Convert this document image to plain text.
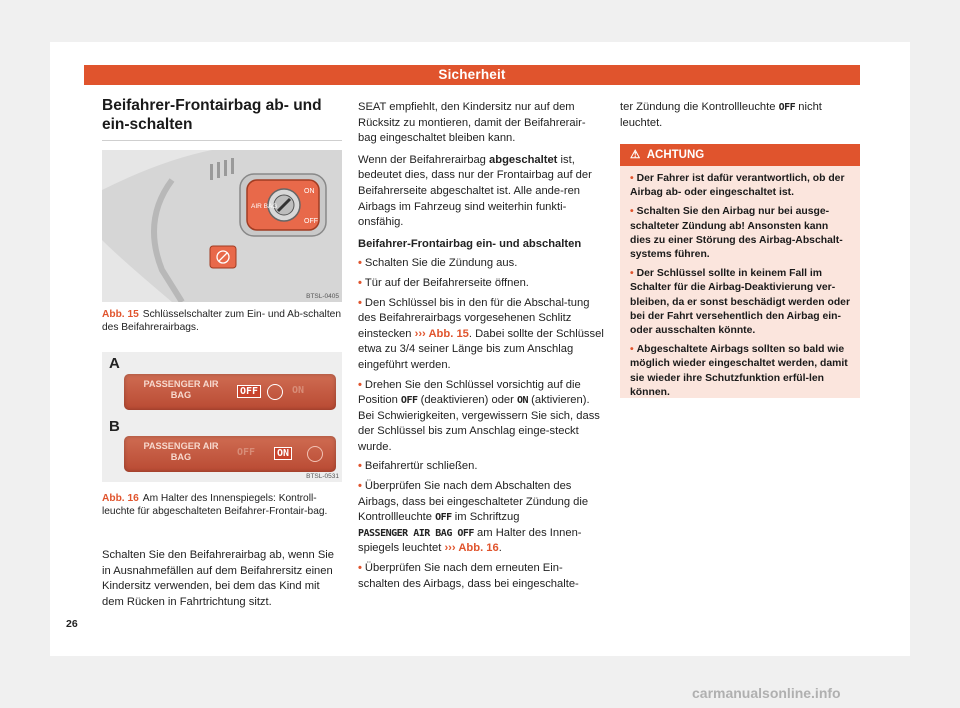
Sicherheit
Beifahrer-Frontairbag ab- und ein-schalten
ON
AIR BAG
OFF
BTSL-0405
Abb. 15 Schlüsselschalter zum Ein- und Ab-schalten des Beifahrerairbags.
A
PASSENGER AIR BAG	OFF	ON
B
PASSENGER AIR BAG	OFF	ON
BTSL-0531
Abb. 16 Am Halter des Innenspiegels: Kontroll-leuchte für abgeschalteten Beifahrer-Frontair-bag.
Schalten Sie den Beifahrerairbag ab, wenn Sie in Ausnahmefällen auf dem Beifahrersitz einen Kindersitz verwenden, bei dem das Kind mit dem Rücken in Fahrtrichtung sitzt.

SEAT empfiehlt, den Kindersitz nur auf dem Rücksitz zu montieren, damit der Beifahrerair-bag eingeschaltet bleiben kann.

Wenn der Beifahrerairbag abgeschaltet ist, bedeutet dies, dass nur der Frontairbag auf der Beifahrerseite abgeschaltet ist. Alle ande-ren Airbags im Fahrzeug sind weiterhin funkti-onsfähig.

Beifahrer-Frontairbag ein- und abschalten
• Schalten Sie die Zündung aus.
• Tür auf der Beifahrerseite öffnen.
• Den Schlüssel bis in den für die Abschal-tung des Beifahrerairbags vorgesehenen Schlitz einstecken ››› Abb. 15. Dabei sollte der Schlüssel etwa zu 3/4 seiner Länge bis zum Anschlag eingeführt werden.
• Drehen Sie den Schlüssel vorsichtig auf die Position OFF (deaktivieren) oder ON (aktivieren). Bei Schwierigkeiten, vergewissern Sie sich, dass der Schlüssel bis zum Anschlag einge-steckt wurde.
• Beifahrertür schließen.
• Überprüfen Sie nach dem Abschalten des Airbags, dass bei eingeschalteter Zündung die Kontrollleuchte OFF im Schriftzug PASSENGER AIR BAG OFF am Halter des Innen-spiegels leuchtet ››› Abb. 16.
• Überprüfen Sie nach dem erneuten Ein-schalten des Airbags, dass bei eingeschalte-

ter Zündung die Kontrollleuchte OFF nicht leuchtet.

⚠ ACHTUNG
• Der Fahrer ist dafür verantwortlich, ob der Airbag ab- oder eingeschaltet ist.
• Schalten Sie den Airbag nur bei ausge-schalteter Zündung ab! Ansonsten kann dies zu einer Störung des Airbag-Abschalt-systems führen.
• Der Schlüssel sollte in keinem Fall im Schalter für die Airbag-Deaktivierung ver-bleiben, da er sonst beschädigt werden oder bei der Fahrt versehentlich den Airbag ein- oder ausschalten könnte.
• Abgeschaltete Airbags sollten so bald wie möglich wieder eingeschaltet werden, damit sie wieder ihre Schutzfunktion erfül-len können.
26
carmanualsonline.info
